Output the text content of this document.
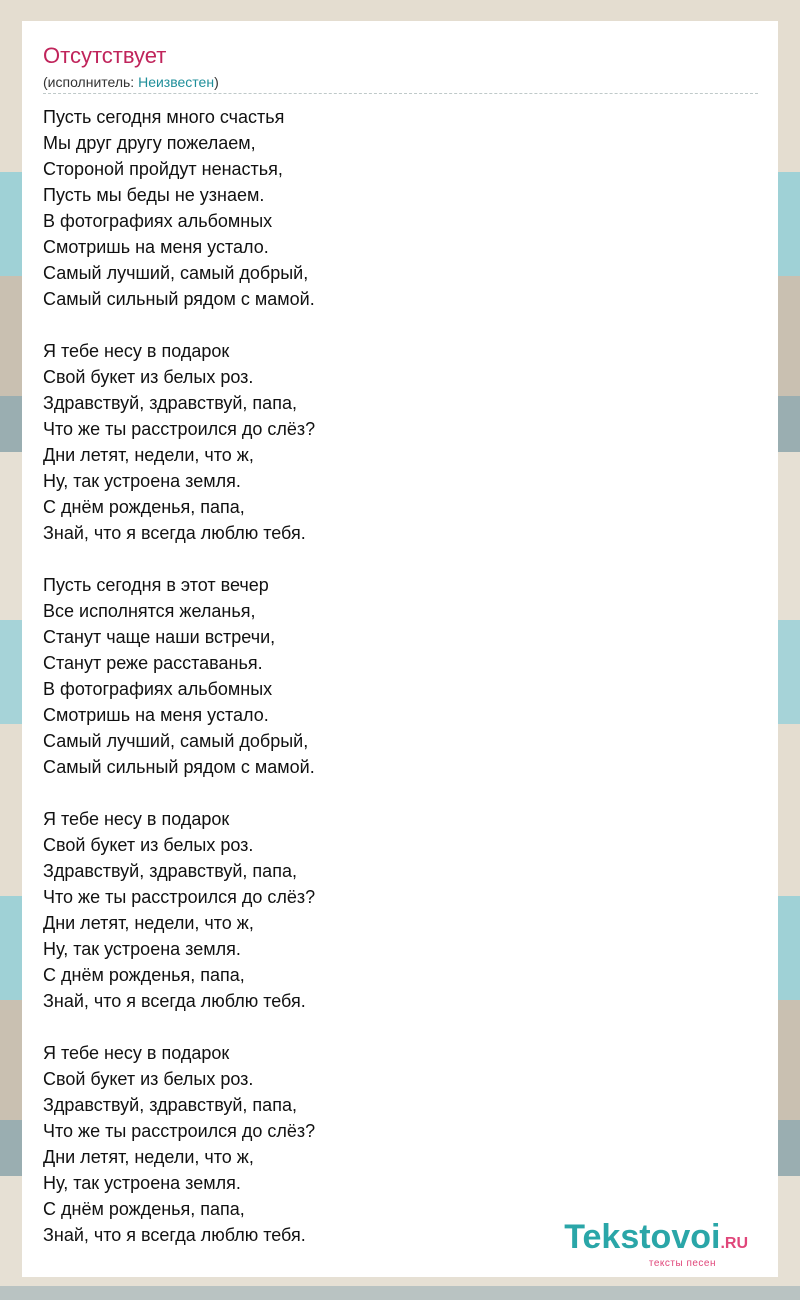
Отсутствует
(исполнитель: Неизвестен)
Пусть сегодня много счастья
Мы друг другу пожелаем,
Стороной пройдут ненастья,
Пусть мы беды не узнаем.
В фотографиях альбомных
Смотришь на меня устало.
Самый лучший, самый добрый,
Самый сильный рядом с мамой.
Я тебе несу в подарок
Свой букет из белых роз.
Здравствуй, здравствуй, папа,
Что же ты расстроился до слёз?
Дни летят, недели, что ж,
Ну, так устроена земля.
С днём рожденья, папа,
Знай, что я всегда люблю тебя.
Пусть сегодня в этот вечер
Все исполнятся желанья,
Станут чаще наши встречи,
Станут реже расставанья.
В фотографиях альбомных
Смотришь на меня устало.
Самый лучший, самый добрый,
Самый сильный рядом с мамой.
Я тебе несу в подарок
Свой букет из белых роз.
Здравствуй, здравствуй, папа,
Что же ты расстроился до слёз?
Дни летят, недели, что ж,
Ну, так устроена земля.
С днём рожденья, папа,
Знай, что я всегда люблю тебя.
Я тебе несу в подарок
Свой букет из белых роз.
Здравствуй, здравствуй, папа,
Что же ты расстроился до слёз?
Дни летят, недели, что ж,
Ну, так устроена земля.
С днём рожденья, папа,
Знай, что я всегда люблю тебя.	Tekstovoi.RU
тексты песен
